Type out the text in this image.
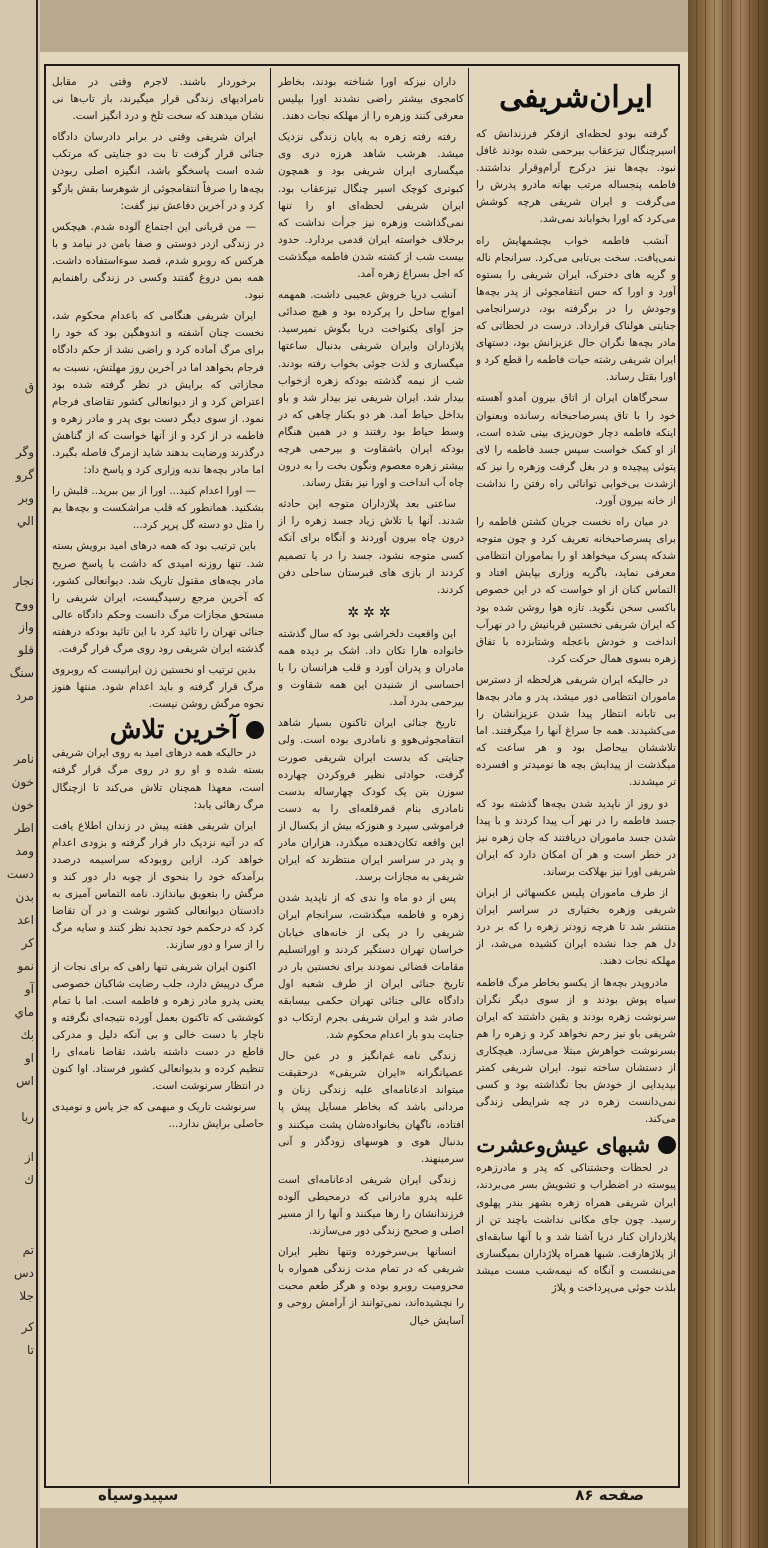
ق
وگر
گرو
وبر
الي
نجار
ووح
واز
قلو
سنگ
مرد
نامر
خون
خون
اطر
ومد
دست
بدن
اعد
کر
نمو
آو
ماي
بك
او
اس
ريا
از
ك
تم
دس
جلا
کر
تا
ایران‌شریفی

گرفته بودو لحظه‌ای ازفکر فرزندانش که اسیرچنگال تیزعقاب بیرحمی شده بودند غافل نبود. بچه‌ها نیز درکرج آرام‌وقرار نداشتند. فاطمه پنجساله مرتب بهانه مادرو پدرش را می‌گرفت و ایران شریفی هرچه کوشش می‌کرد که اورا بخواباند نمی‌شد.

آنشب فاطمه خواب بچشمهایش راه نمی‌یافت. سخت بی‌تابی می‌کرد. سرانجام ناله و گریه های دخترک، ایران شریفی را بستوه آورد و اورا که حس انتقامجوئی از پدر بچه‌ها وجودش را در برگرفته بود، درسرانجامی جنایتی هولناک قرارداد. درست در لحظاتی که مادر بچه‌ها نگران حال عزیزانش بود، دستهای ایران شریفی رشته حیات فاطمه را قطع کرد و اورا بقتل رساند.

سحرگاهان ایران از اتاق بیرون آمدو آهسته خود را با تاق پسرصاحبخانه رسانده وبعنوان اینکه فاطمه دچار خون‌ریزی بینی شده است، از او کمک خواست سپس جسد فاطمه را لای پتوئی پیچیده و در بغل گرفت وزهره را نیز که ازشدت بی‌خوابی توانائی راه رفتن را نداشت از خانه بیرون آورد.

در میان راه نخست جریان کشتن فاطمه را برای پسرصاحبخانه تعریف کرد و چون متوجه شدکه پسرک میخواهد او را بماموران انتظامی معرفی نماید، باگریه وزاری بپایش افتاد و التماس کنان از او خواست که در این خصوص باکسی سخن نگوید. تازه هوا روشن شده بود که ایران شریفی نخستین قربانیش را در نهرآب انداخت و خودش باعجله وشتابزده با تفاق زهره بسوی همال حرکت کرد.

در حالیکه ایران شریفی هرلحظه از دسترس ماموران انتظامی دور میشد، پدر و مادر بچه‌ها بی تابانه انتظار پیدا شدن عزیزانشان را می‌کشیدند. همه جا سراغ آنها را میگرفتند. اما تلاششان بیحاصل بود و هر ساعت که میگذشت از پیدایش بچه ها نومیدتر و افسرده تر میشدند.

دو روز از ناپدید شدن بچه‌ها گذشته بود که جسد فاطمه را در نهر آب پیدا کردند و با پیدا شدن جسد ماموران دریافتند که جان زهره نیز در خطر است و هر آن امکان دارد که ایران شریفی اورا نیز بهلاکت برساند.

از طرف ماموران پلیس عکسهائی از ایران شریفی وزهره بختیاری در سراسر ایران منتشر شد تا هرچه زودتر زهره را که بر درد دل هم ‌جدا نشده ایران کشیده می‌شد، از مهلکه نجات دهند.

مادروپدر بچه‌ها از یکسو بخاطر مرگ فاطمه سیاه پوش بودند و از سوی دیگر نگران سرنوشت زهره بودند و یقین داشتند که ایران شریفی باو نیز رحم نخواهد کرد و زهره را هم بسرنوشت خواهرش مبتلا می‌سازد. هیچکاری از دستشان ساخته نبود. ایران شریفی کمتر بپدیدایی از خودش بجا نگذاشته بود و کسی نمی‌دانست زهره در چه شرایطی زندگی می‌کند.

شبهای عیش‌و‌عشرت

در لحظات وحشتناکی که پدر و مادرزهره پیوسته در اضطراب و تشویش بسر می‌بردند، ایران شریفی همراه زهره بشهر بندر پهلوی رسید. چون جای مکانی نداشت باچند تن از پلازداران کنار دریا آشنا شد و با آنها سابقه‌ای از پلاژهارفت. شبها همراه پلاژداران بمیگساری می‌نشست و آنگاه که نیمه‌شب مست میشد بلذت جوئی می‌پرداخت و پلاژ

داران نیزکه اورا شناخته بودند، بخاطر کامجوی بیشتر راضی نشدند اورا بپلیس معرفی کنند وزهره را از مهلکه نجات دهند.

رفته رفته زهره به پایان زندگی نزدیک میشد. هرشب شاهد هرزه دری وی میگساری ایران شریفی بود و همچون کبوتری کوچک اسیر چنگال تیزعقاب بود. ایران شریفی لحظه‌ای او را تنها نمی‌گذاشت وزهره نیز جرأت نداشت که برخلاف خواسته ایران قدمی بردارد. حدود بیست شب از کشته شدن فاطمه میگذشت که اجل بسراغ زهره آمد.

آنشب دریا خروش عجیبی داشت. همهمه امواج ساحل را پرکرده بود و هیچ صدائی جز آوای یکنواخت دریا بگوش نمیرسید. پلازداران وایران شریفی بدنبال ساعتها میگساری و لذت جوئی بخواب رفته بودند. شب از نیمه گذشته بودکه زهره ازخواب بیدار شد. ایران شریفی نیز بیدار شد و باو بداخل حیاط آمد. هر دو بکنار چاهی که در وسط حیاط بود رفتند و در همین هنگام بودکه ایران باشقاوت و بیرحمی هرچه بیشتر زهره معصوم ونگون بخت را به درون چاه آب انداخت و اورا نیز بقتل رساند.

ساعتی بعد پلازداران متوجه این حادثه شدند. آنها با تلاش زیاد جسد زهره را از درون چاه بیرون آوردند و آنگاه برای آنکه کسی متوجه نشود، جسد را در یا تصمیم کردند از بازی های قبرستان ساحلی دفن کردند.

✲✲✲

این واقعیت دلخراشی بود که سال گذشته خانواده هارا تکان داد. اشک بر دیده همه مادران و پدران آورد و قلب هرانسان را با احساسی از شنیدن این همه شقاوت و بیرحمی بدرد آمد.

تاریخ جنائی ایران تاکنون بسیار شاهد انتقامجوئی‌هوو و نامادری بوده است. ولی جنایتی که بدست ایران شریفی صورت گرفت، حوادثی نظیر فروکردن چهارده سوزن بتن یک کودک چهارساله بدست نامادری بنام قمرقلعه‌ای را به دست فراموشی سپرد و هنوزکه بیش از یکسال از این واقعه تکان‌دهنده میگذرد، هزاران مادر و پدر در سراسر ایران منتظرند که ایران شریفی به مجازات برسد.

پس از دو ماه وا ندی که از ناپدید شدن زهره و فاطمه میگذشت، سرانجام ایران شریفی را در یکی از خانه‌های خیابان خراسان تهران دستگیر کردند و اوراتسلیم مقامات قضائی نمودند برای نخستین بار در تاریخ جنائی ایران از طرف شعبه اول دادگاه عالی جنائی تهران حکمی بیسابقه صادر شد و ایران شریفی بجرم ارتکاب دو جنایت بدو بار اعدام محکوم شد.

زندگی نامه غم‌انگیز و در عین حال عصیانگرانه «ایران شریفی» درحقیقت میتواند ادعانامه‌ای علیه زندگی زنان و مردانی باشد که بخاطر مسایل پیش پا افتاده، ناگهان بخانواده‌شان پشت میکنند و بدنبال هوی و هوسهای زودگذر و آنی سرمینهند.

زندگی ایران شریفی ادعانامه‌ای است علیه پدرو مادرانی که درمحیطی آلوده فرزندانشان را رها میکنند و آنها را از مسیر اصلی و صحیح زندگی دور می‌سازند.

انسانها بی‌سرخورده وتنها نظیر ایران شریفی که در تمام مدت زندگی همواره با محرومیت روبرو بوده و هرگز طعم محبت را نچشیده‌اند، نمی‌توانند از آرامش روحی و آسایش خیال

برخوردار باشند. لاجرم وقتی در مقابل نامرادیهای زندگی قرار میگیرند، باز تاب‌ها نی نشان میدهند که سخت تلخ و درد انگیز است.

ایران شریفی وقتی در برابر دادرسان دادگاه جنائی قرار گرفت تا بت دو جنایتی که مرتکب شده است پاسخگو باشد، انگیزه اصلی ربودن بچه‌ها را صرفاً انتقامجوئی از شوهرسا بقش بازگو کرد و در آخرین دفاعش نیز گفت:

— من قربانی این اجتماع آلوده شدم. هیچکس در زندگی ازدر دوستی و صفا بامن در نیامد و با هرکس که روبرو شدم، قصد سوءاستفاده داشت. همه بمن دروغ گفتند وکسی در زندگی راهنمایم نبود.

ایران شریفی هنگامی که باعدام محکوم شد، نخست چنان آشفته و اندوهگین بود که خود را برای مرگ آماده کرد و راضی نشد از حکم دادگاه فرجام بخواهد اما در آخرین روز مهلتش، نسبت به مجازاتی که برایش در نظر گرفته شده بود اعتراض کرد و از دیوانعالی کشور تقاضای فرجام نمود. از سوی دیگر دست بوی پدر و مادر زهره و فاطمه در از کرد و از آنها خواست که از گناهش درگذرند ورضایت بدهند شاید ازمرگ فاصله بگیرد. اما مادر بچه‌ها ندبه وزاری کرد و پاسخ داد:

— اورا اعدام کنید... اورا از بین ببرید.. قلبش را بشکنید. همانطور که قلب مراشکست و بچه‌ها یم را مثل دو دسته گل پرپر کرد...

باین ترتیب بود که همه درهای امید برویش بسته شد. تنها روزنه امیدی که داشت با پاسخ صریح مادر بچه‌های مقتول تاریک شد. دیوانعالی کشور، که آخرین مرجع رسیدگیست، ایران شریفی را مستحق مجازات مرگ دانست وحکم دادگاه عالی جنائی تهران را تائید کرد با این تائید بودکه درهفته گذشته ایران شریفی رود روی مرگ قرار گرفت.

بدین ترتیب او نخستین زن ایرانیست که روبروی مرگ قرار گرفته و باید اعدام شود. منتها هنوز نحوه مرگش روشن نیست.

آخرین تلاش

در حالیکه همه درهای امید به روی ایران شریفی بسته شده و او رو در روی مرگ قرار گرفته است، معهذا همچنان تلاش می‌کند تا ازچنگال مرگ رهائی یابد:

ایران شریفی هفته پیش در زندان اطلاع یافت که در آتیه نزدیک دار قرار گرفته و بزودی اعدام خواهد کرد. ازاین روبودکه سراسیمه درصدد برآمدکه خود را بنحوی از چوبه دار دور کند و مرگش را بتعویق بیاندازد. نامه التماس آمیزی به دادستان دیوانعالی کشور نوشت و در آن تقاضا کرد که درحکمم خود تجدید نظر کنند و سایه مرگ را از سرا و دور سازند.

اکنون ایران شریفی تنها راهی که برای نجات از مرگ درپیش دارد، جلب رضایت شاکیان خصوصی یعنی پدرو مادر زهره و فاطمه است. اما با تمام کوششی که تاکنون بعمل آورده نتیجه‌ای نگرفته و ناچار با دست خالی و بی آنکه دلیل و مدرکی قاطع در دست داشته باشد، تقاضا نامه‌ای را تنظیم کرده و بدیوانعالی کشور فرستاد. اوا کنون در انتظار سرنوشت است.

سرنوشت تاریک و مبهمی که جز یاس و نومیدی حاصلی برایش ندارد...

صفحه ۸۶
سپیدوسیاه
